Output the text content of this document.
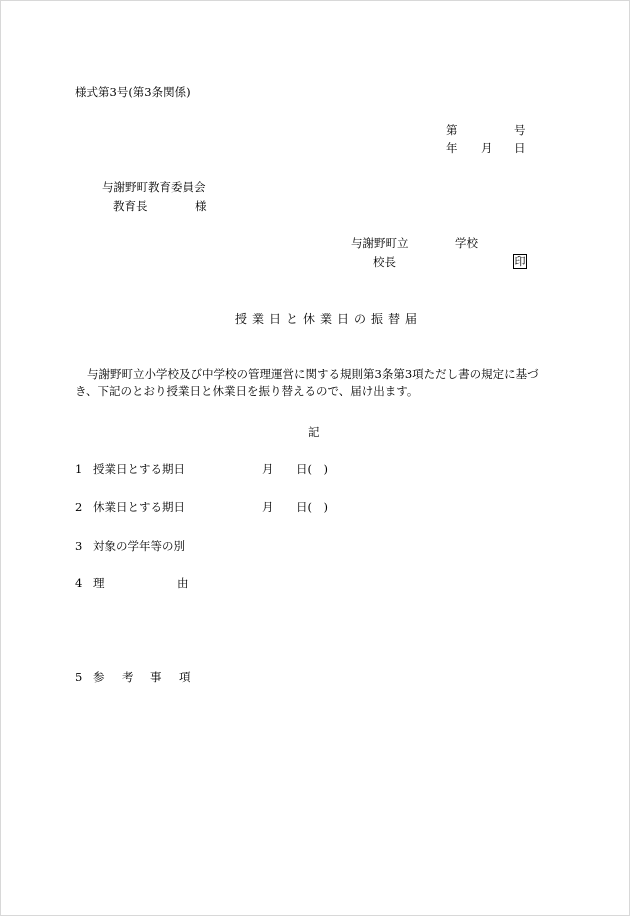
様式第3号(第3条関係)
第	号
年 月 日
与謝野町教育委員会
教育長	様
与謝野町立	学校
校長	印
授業日と休業日の振替届
与謝野町立小学校及び中学校の管理運営に関する規則第3条第3項ただし書の規定に基づき、下記のとおり授業日と休業日を振り替えるので、届け出ます。
記
1 授業日とする期日	月 日(　)
2 休業日とする期日	月 日(　)
3 対象の学年等の別
4 理	由
5 参 考 事 項
